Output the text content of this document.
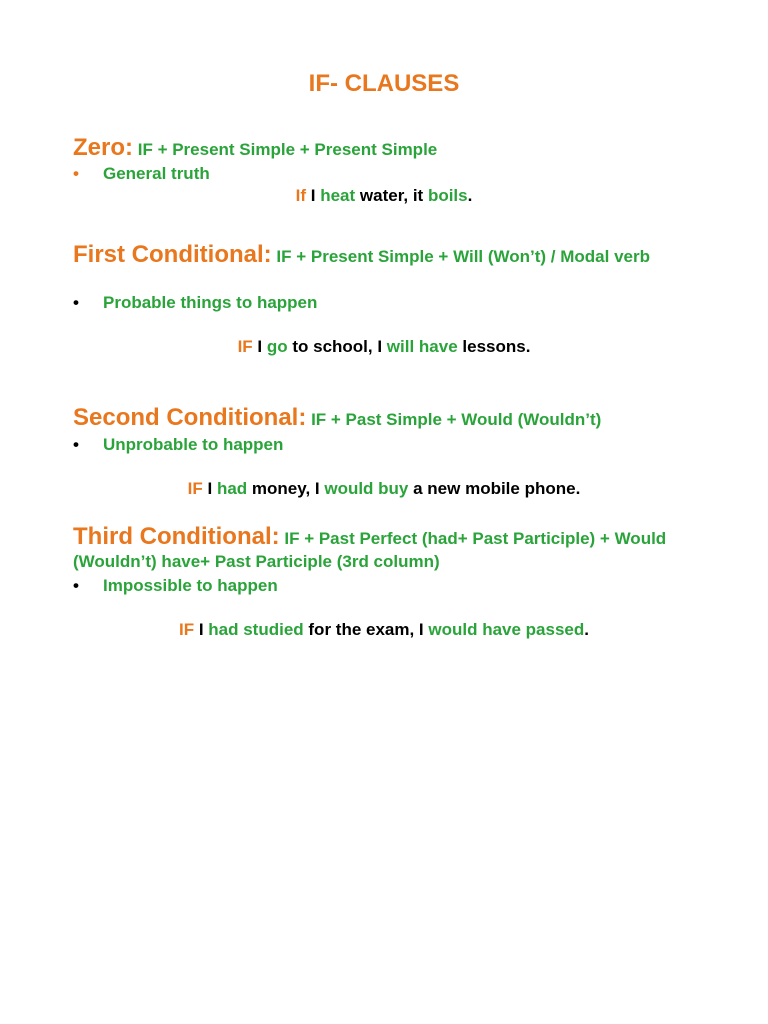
IF- CLAUSES
Zero: IF + Present Simple + Present Simple
• General truth
If I heat water, it boils.
First Conditional: IF + Present Simple + Will (Won’t) / Modal verb
• Probable things to happen
IF I go to school, I will have lessons.
Second Conditional: IF + Past Simple + Would (Wouldn’t)
• Unprobable to happen
IF I had money, I would buy a new mobile phone.
Third Conditional: IF + Past Perfect (had+ Past Participle) + Would (Wouldn’t) have+ Past Participle (3rd column)
• Impossible to happen
IF I had studied for the exam, I would have passed.
